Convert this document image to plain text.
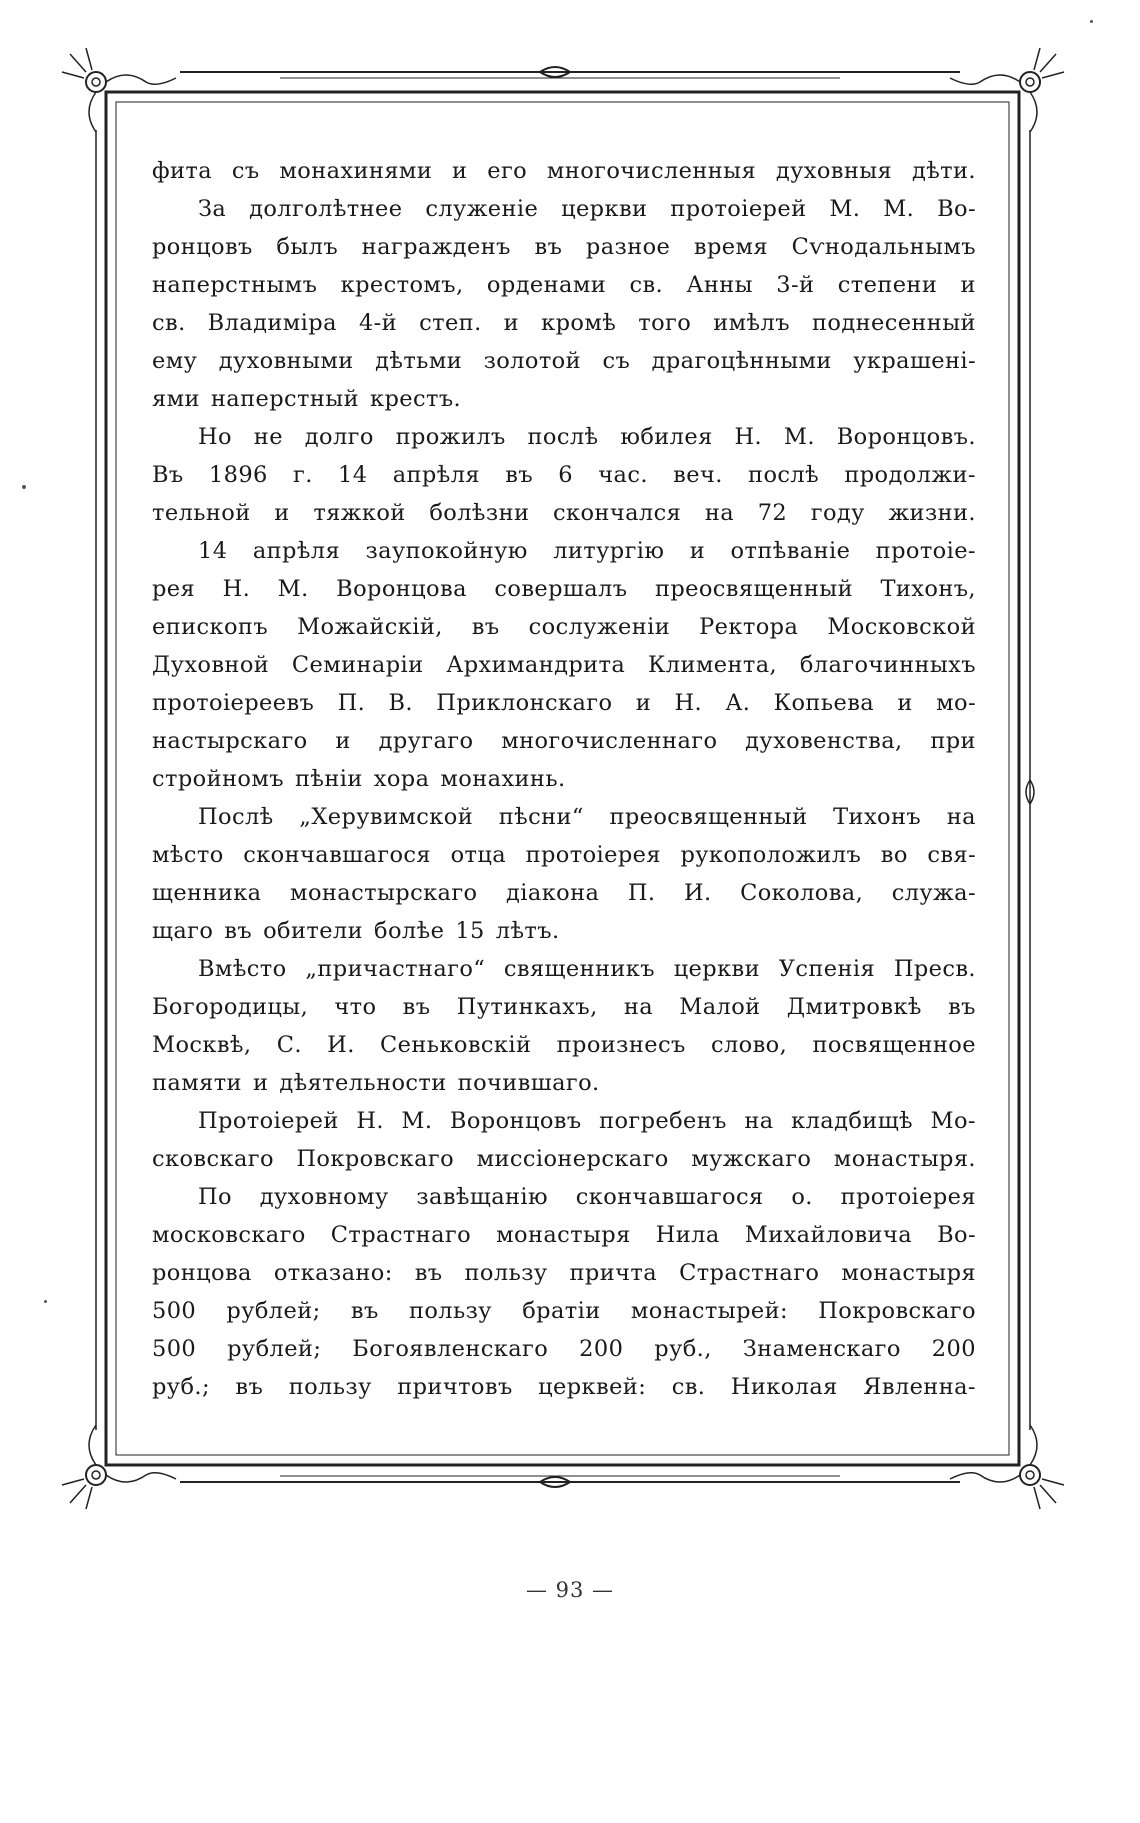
фита съ монахинями и его многочисленныя духовныя дѣти.
За долголѣтнее служеніе церкви протоіерей М. М. Во-
ронцовъ былъ награжденъ въ разное время Сѵнодальнымъ
наперстнымъ крестомъ, орденами св. Анны 3-й степени и
св. Владиміра 4-й степ. и кромѣ того имѣлъ поднесенный
ему духовными дѣтьми золотой съ драгоцѣнными украшені-
ями наперстный крестъ.
Но не долго прожилъ послѣ юбилея Н. М. Воронцовъ.
Въ 1896 г. 14 апрѣля въ 6 час. веч. послѣ продолжи-
тельной и тяжкой болѣзни скончался на 72 году жизни.
14 апрѣля заупокойную литургію и отпѣваніе протоіе-
рея Н. М. Воронцова совершалъ преосвященный Тихонъ,
епископъ Можайскій, въ сослуженіи Ректора Московской
Духовной Семинаріи Архимандрита Климента, благочинныхъ
протоіереевъ П. В. Приклонскаго и Н. А. Копьева и мо-
настырскаго и другаго многочисленнаго духовенства, при
стройномъ пѣніи хора монахинь.
Послѣ „Херувимской пѣсни“ преосвященный Тихонъ на
мѣсто скончавшагося отца протоіерея рукоположилъ во свя-
щенника монастырскаго діакона П. И. Соколова, служа-
щаго въ обители болѣе 15 лѣтъ.
Вмѣсто „причастнаго“ священникъ церкви Успенія Пресв.
Богородицы, что въ Путинкахъ, на Малой Дмитровкѣ въ
Москвѣ, С. И. Сеньковскій произнесъ слово, посвященное
памяти и дѣятельности почившаго.
Протоіерей Н. М. Воронцовъ погребенъ на кладбищѣ Мо-
сковскаго Покровскаго миссіонерскаго мужскаго монастыря.
По духовному завѣщанію скончавшагося о. протоіерея
московскаго Страстнаго монастыря Нила Михайловича Во-
ронцова отказано: въ пользу причта Страстнаго монастыря
500 рублей; въ пользу братіи монастырей: Покровскаго
500 рублей; Богоявленскаго 200 руб., Знаменскаго 200
руб.; въ пользу причтовъ церквей: св. Николая Явленна-
— 93 —
